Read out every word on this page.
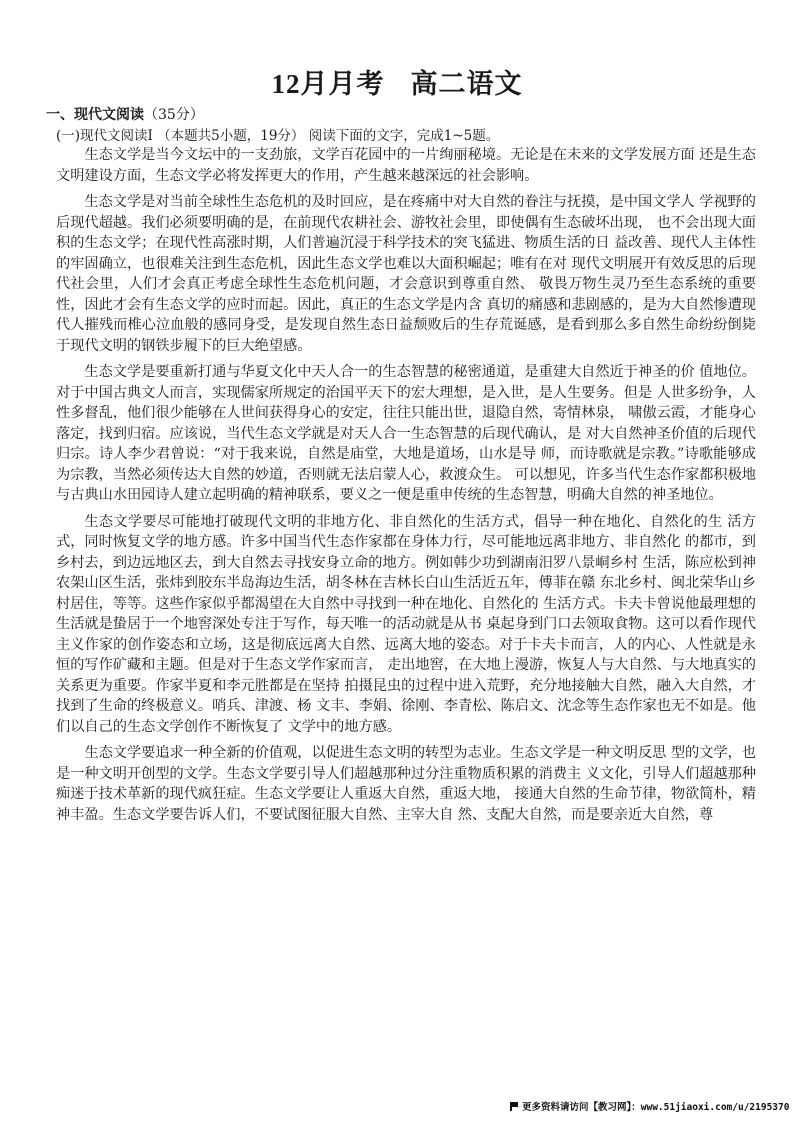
12月月考 高二语文
一、现代文阅读（35分）
(一)现代文阅读Ⅰ （本题共5小题，19分） 阅读下面的文字，完成1~5题。

生态文学是当今文坛中的一支劲旅，文学百花园中的一片绚丽秘境。无论是在未来的文学发展方面 还是生态文明建设方面，生态文学必将发挥更大的作用，产生越来越深远的社会影响。

生态文学是对当前全球性生态危机的及时回应，是在疼痛中对大自然的眷注与抚摸，是中国文学人 学视野的后现代超越。我们必须要明确的是，在前现代农耕社会、游牧社会里，即使偶有生态破坏出现， 也不会出现大面积的生态文学；在现代性高涨时期，人们普遍沉浸于科学技术的突飞猛进、物质生活的日 益改善、现代人主体性的牢固确立，也很难关注到生态危机，因此生态文学也难以大面积崛起；唯有在对 现代文明展开有效反思的后现代社会里，人们才会真正考虑全球性生态危机问题，才会意识到尊重自然、 敬畏万物生灵乃至生态系统的重要性，因此才会有生态文学的应时而起。因此，真正的生态文学是内含 真切的痛感和悲剧感的，是为大自然惨遭现代人摧残而椎心泣血般的感同身受，是发现自然生态日益颓败后的生存荒诞感，是看到那么多自然生命纷纷倒毙于现代文明的钢铁步履下的巨大绝望感。

生态文学是要重新打通与华夏文化中天人合一的生态智慧的秘密通道，是重建大自然近于神圣的价 值地位。对于中国古典文人而言，实现儒家所规定的治国平天下的宏大理想，是入世，是人生要务。但是 人世多纷争，人性多督乱，他们很少能够在人世间获得身心的安定，往往只能出世，退隐自然，寄情林泉， 啸傲云霞，才能身心落定，找到归宿。应该说，当代生态文学就是对天人合一生态智慧的后现代确认，是 对大自然神圣价值的后现代归宗。诗人李少君曾说：“对于我来说，自然是庙堂，大地是道场，山水是导 师，而诗歌就是宗教。”诗歌能够成为宗教，当然必须传达大自然的妙道，否则就无法启蒙人心，救渡众生。 可以想见，许多当代生态作家都积极地与古典山水田园诗人建立起明确的精神联系，要义之一便是重申传统的生态智慧，明确大自然的神圣地位。

生态文学要尽可能地打破现代文明的非地方化、非自然化的生活方式，倡导一种在地化、自然化的生 活方式，同时恢复文学的地方感。许多中国当代生态作家都在身体力行，尽可能地远离非地方、非自然化 的都市，到乡村去，到边远地区去，到大自然去寻找安身立命的地方。例如韩少功到湖南汨罗八景峒乡村 生活，陈应松到神农架山区生活，张炜到胶东半岛海边生活，胡冬林在吉林长白山生活近五年，傅菲在赣 东北乡村、闽北荣华山乡村居住，等等。这些作家似乎都渴望在大自然中寻找到一种在地化、自然化的 生活方式。卡夫卡曾说他最理想的生活就是蛰居于一个地窖深处专注于写作，每天唯一的活动就是从书 桌起身到门口去领取食物。这可以看作现代主义作家的创作姿态和立场，这是彻底远离大自然、远离大地的姿态。对于卡夫卡而言，人的内心、人性就是永恒的写作矿藏和主题。但是对于生态文学作家而言， 走出地窖，在大地上漫游，恢复人与大自然、与大地真实的关系更为重要。作家半夏和李元胜都是在坚持 拍摄昆虫的过程中进入荒野，充分地接触大自然，融入大自然，才找到了生命的终极意义。哨兵、津渡、杨 文丰、李娟、徐刚、李青松、陈启文、沈念等生态作家也无不如是。他们以自己的生态文学创作不断恢复了 文学中的地方感。

生态文学要追求一种全新的价值观，以促进生态文明的转型为志业。生态文学是一种文明反思 型的文学，也是一种文明开创型的文学。生态文学要引导人们超越那种过分注重物质积累的消费主 义文化，引导人们超越那种痴迷于技术革新的现代疯狂症。生态文学要让人重返大自然，重返大地， 接通大自然的生命节律，物欲简朴，精神丰盈。生态文学要告诉人们，不要试图征服大自然、主宰大自 然、支配大自然，而是要亲近大自然，尊

更多资料请访问【教习网】：www.51jiaoxi.com/u/2195370
